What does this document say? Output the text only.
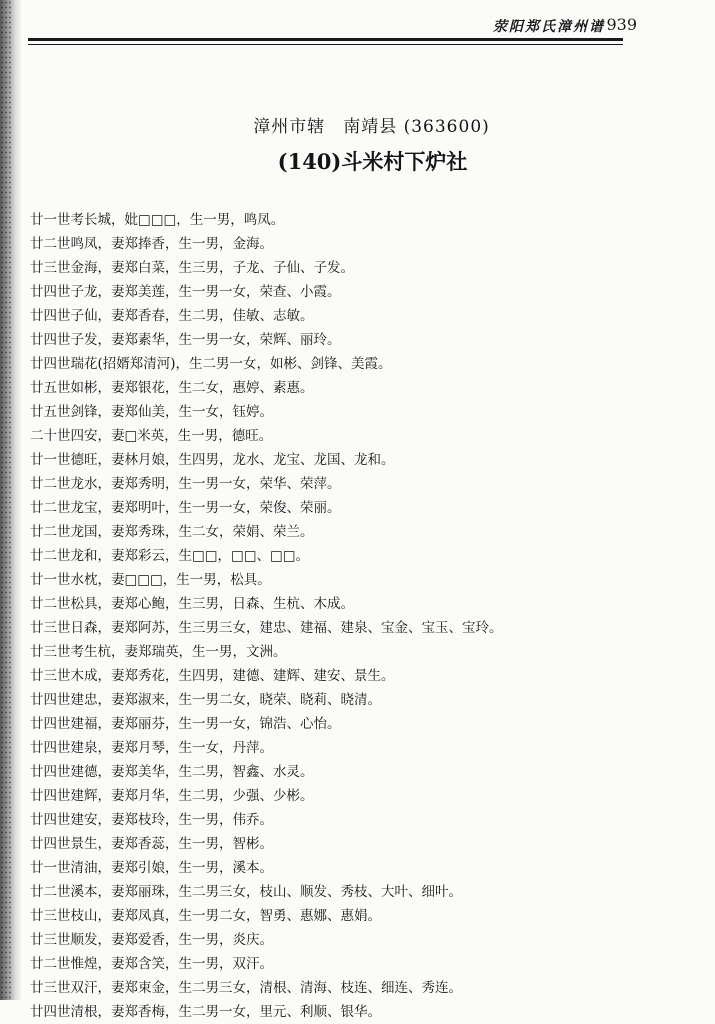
荥阳郑氏漳州谱 939
漳州市辖　南靖县 (363600)
(140)斗米村下炉社
廿一世考长城，妣□□□，生一男，鸣凤。
廿二世鸣凤，妻郑捧香，生一男，金海。
廿三世金海，妻郑白菜，生三男，子龙、子仙、子发。
廿四世子龙，妻郑美莲，生一男一女，荣查、小霞。
廿四世子仙，妻郑香春，生二男，佳敏、志敏。
廿四世子发，妻郑素华，生一男一女，荣辉、丽玲。
廿四世瑞花(招婿郑清河)，生二男一女，如彬、剑锋、美霞。
廿五世如彬，妻郑银花，生二女，惠婷、素惠。
廿五世剑锋，妻郑仙美，生一女，钰婷。
二十世四安，妻□米英，生一男，德旺。
廿一世德旺，妻林月娘，生四男，龙水、龙宝、龙国、龙和。
廿二世龙水，妻郑秀明，生一男一女，荣华、荣萍。
廿二世龙宝，妻郑明叶，生一男一女，荣俊、荣丽。
廿二世龙国，妻郑秀珠，生二女，荣娟、荣兰。
廿二世龙和，妻郑彩云，生□□，□□、□□。
廿一世水枕，妻□□□，生一男，松具。
廿二世松具，妻郑心鲍，生三男，日森、生杭、木成。
廿三世日森，妻郑阿苏，生三男三女，建忠、建福、建泉、宝金、宝玉、宝玲。
廿三世考生杭，妻郑瑞英，生一男，文洲。
廿三世木成，妻郑秀花，生四男，建德、建辉、建安、景生。
廿四世建忠，妻郑淑来，生一男二女，晓荣、晓莉、晓清。
廿四世建福，妻郑丽芬，生一男一女，锦浩、心怡。
廿四世建泉，妻郑月琴，生一女，丹萍。
廿四世建德，妻郑美华，生二男，智鑫、水灵。
廿四世建辉，妻郑月华，生二男，少强、少彬。
廿四世建安，妻郑枝玲，生一男，伟乔。
廿四世景生，妻郑香蕊，生一男，智彬。
廿一世清油，妻郑引娘，生一男，溪本。
廿二世溪本，妻郑丽珠，生二男三女，枝山、顺发、秀枝、大叶、细叶。
廿三世枝山，妻郑凤真，生一男二女，智勇、惠娜、惠娟。
廿三世顺发，妻郑爱香，生一男，炎庆。
廿二世惟煌，妻郑含笑，生一男，双汗。
廿三世双汗，妻郑束金，生二男三女，清根、清海、枝连、细连、秀连。
廿四世清根，妻郑香梅，生二男一女，里元、利顺、银华。
